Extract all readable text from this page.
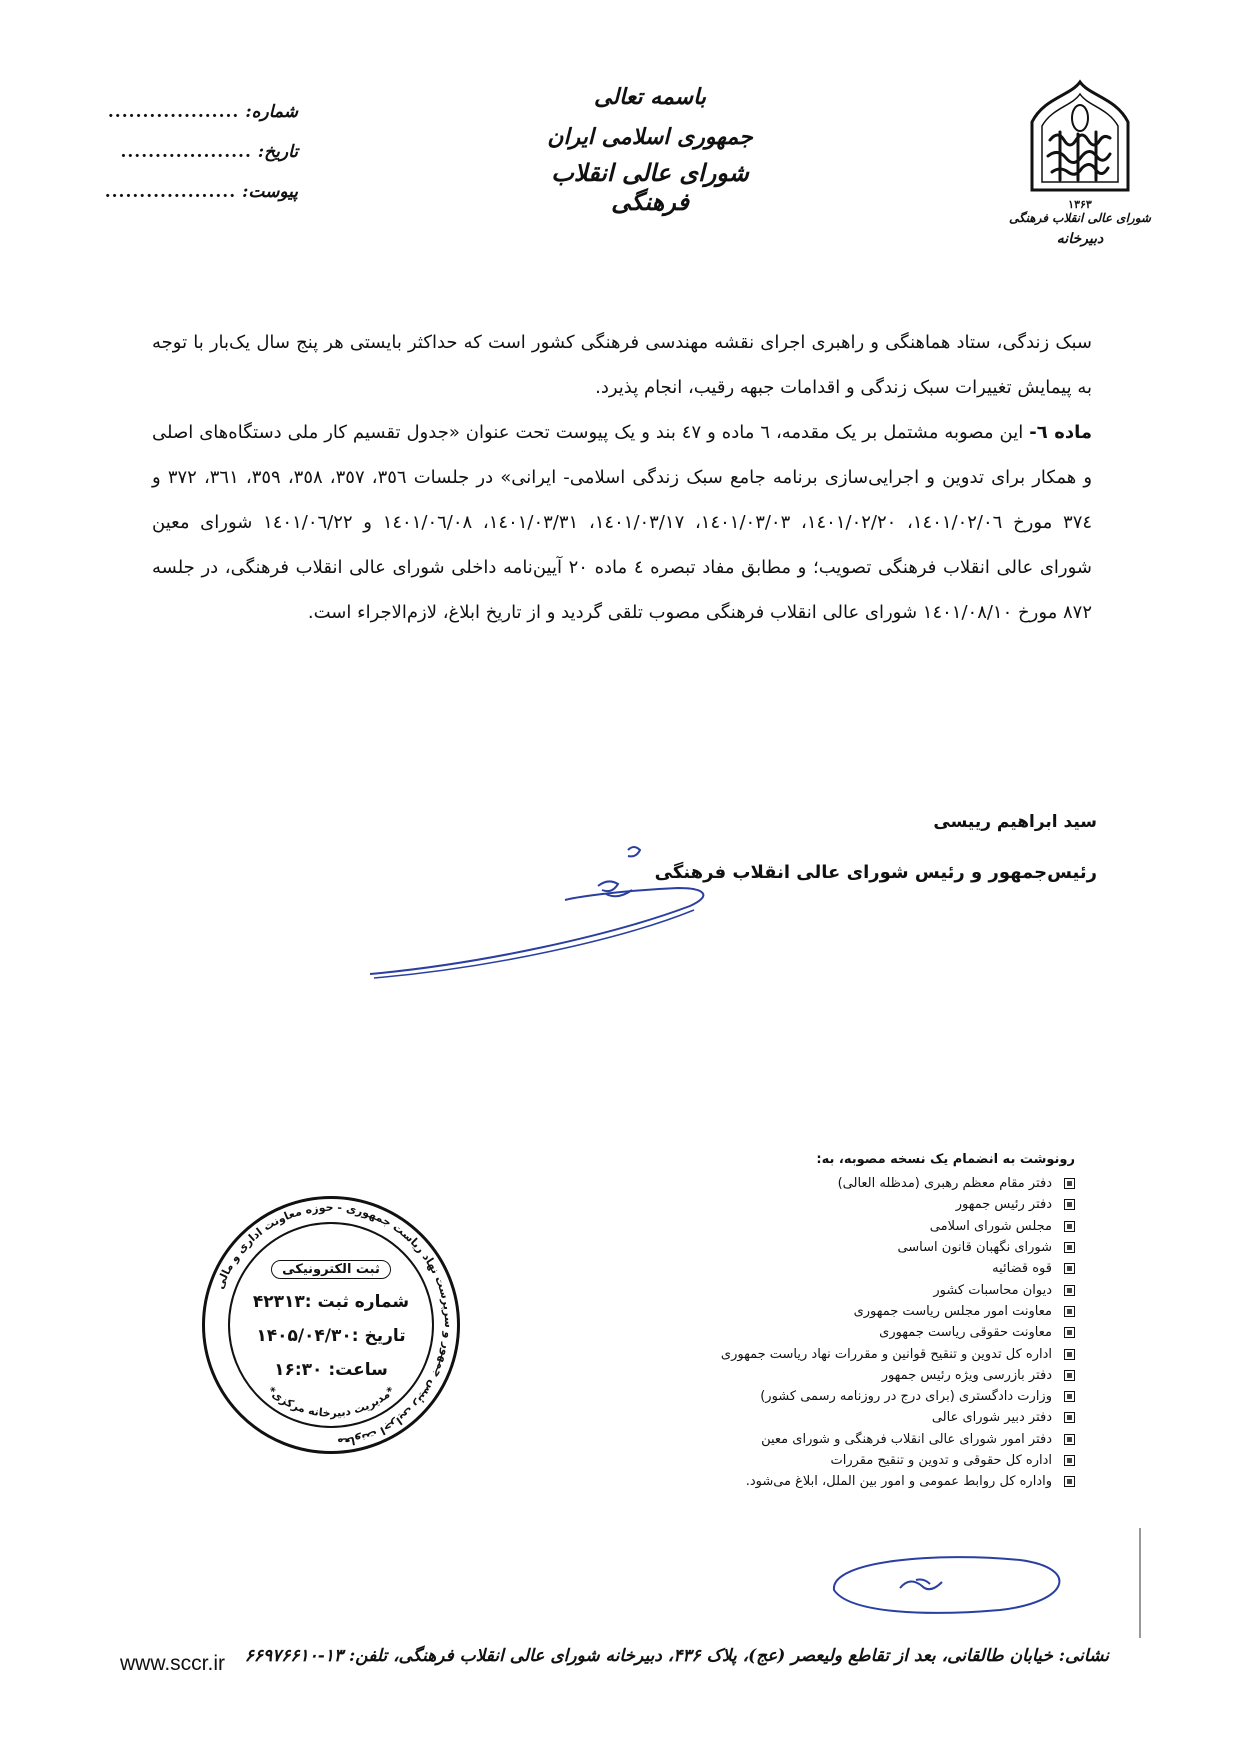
۱۳۶۳
شورای عالی انقلاب فرهنگی
دبیرخانه
باسمه تعالی
جمهوری اسلامی ایران
شورای عالی انقلاب فرهنگی
شماره:
...................
تاریخ:
...................
پیوست:
...................

سبک زندگی، ستاد هماهنگی و راهبری اجرای نقشه مهندسی فرهنگی کشور است که حداکثر بایستی هر پنج سال یک‌بار با توجه به پیمایش تغییرات سبک زندگی و اقدامات جبهه رقیب، انجام پذیرد.

ماده ٦- این مصوبه مشتمل بر یک مقدمه، ٦ ماده و ٤٧ بند و یک پیوست تحت عنوان «جدول تقسیم کار ملی دستگاه‌های اصلی و همکار برای تدوین و اجرایی‌سازی برنامه جامع سبک زندگی اسلامی- ایرانی» در جلسات ٣٥٦، ٣٥٧، ٣٥٨، ٣٥٩، ٣٦١، ٣٧٢ و ٣٧٤ مورخ ١٤٠١/٠٢/٠٦، ١٤٠١/٠٢/٢٠، ١٤٠١/٠٣/٠٣، ١٤٠١/٠٣/١٧، ١٤٠١/٠٣/٣١، ١٤٠١/٠٦/٠٨ و ١٤٠١/٠٦/٢٢ شورای معین شورای عالی انقلاب فرهنگی تصویب؛ و مطابق مفاد تبصره ٤ ماده ٢٠ آیین‌نامه داخلی شورای عالی انقلاب فرهنگی، در جلسه ٨٧٢ مورخ ١٤٠١/٠٨/١٠ شورای عالی انقلاب فرهنگی مصوب تلقی گردید و از تاریخ ابلاغ، لازم‌الاجراء است.

سید ابراهیم رییسی
رئیس‌جمهور و رئیس شورای عالی انقلاب فرهنگی
معاونت اجرایی رئیس جمهور و سرپرست نهاد ریاست جمهوری - حوزه معاونت اداری و مالی
*مدیریت دبیرخانه مرکزی*
ثبت الکترونیکی
شماره ثبت :۴۲۳۱۳
تاریخ :۱۴۰۵/۰۴/۳۰
ساعت: ۱۶:۳۰
رونوشت به انضمام یک نسخه مصوبه، به:
دفتر مقام معظم رهبری (مدظله العالی)
دفتر رئیس جمهور
مجلس شورای اسلامی
شورای نگهبان قانون اساسی
قوه قضائیه
دیوان محاسبات کشور
معاونت امور مجلس ریاست جمهوری
معاونت حقوقی ریاست جمهوری
اداره کل تدوین و تنقیح قوانین و مقررات نهاد ریاست جمهوری
دفتر بازرسی ویژه رئیس جمهور
وزارت دادگستری (برای درج در روزنامه رسمی کشور)
دفتر دبیر شورای عالی
دفتر امور شورای عالی انقلاب فرهنگی و شورای معین
اداره کل حقوقی و تدوین و تنقیح مقررات
واداره کل روابط عمومی و امور بین الملل، ابلاغ می‌شود.
نشانی: خیابان طالقانی، بعد از تقاطع ولیعصر (عج)، پلاک ۴۳۶، دبیرخانه شورای عالی انقلاب فرهنگی، تلفن: ۱۳-۶۶۹۷۶۶۱۰
www.sccr.ir
